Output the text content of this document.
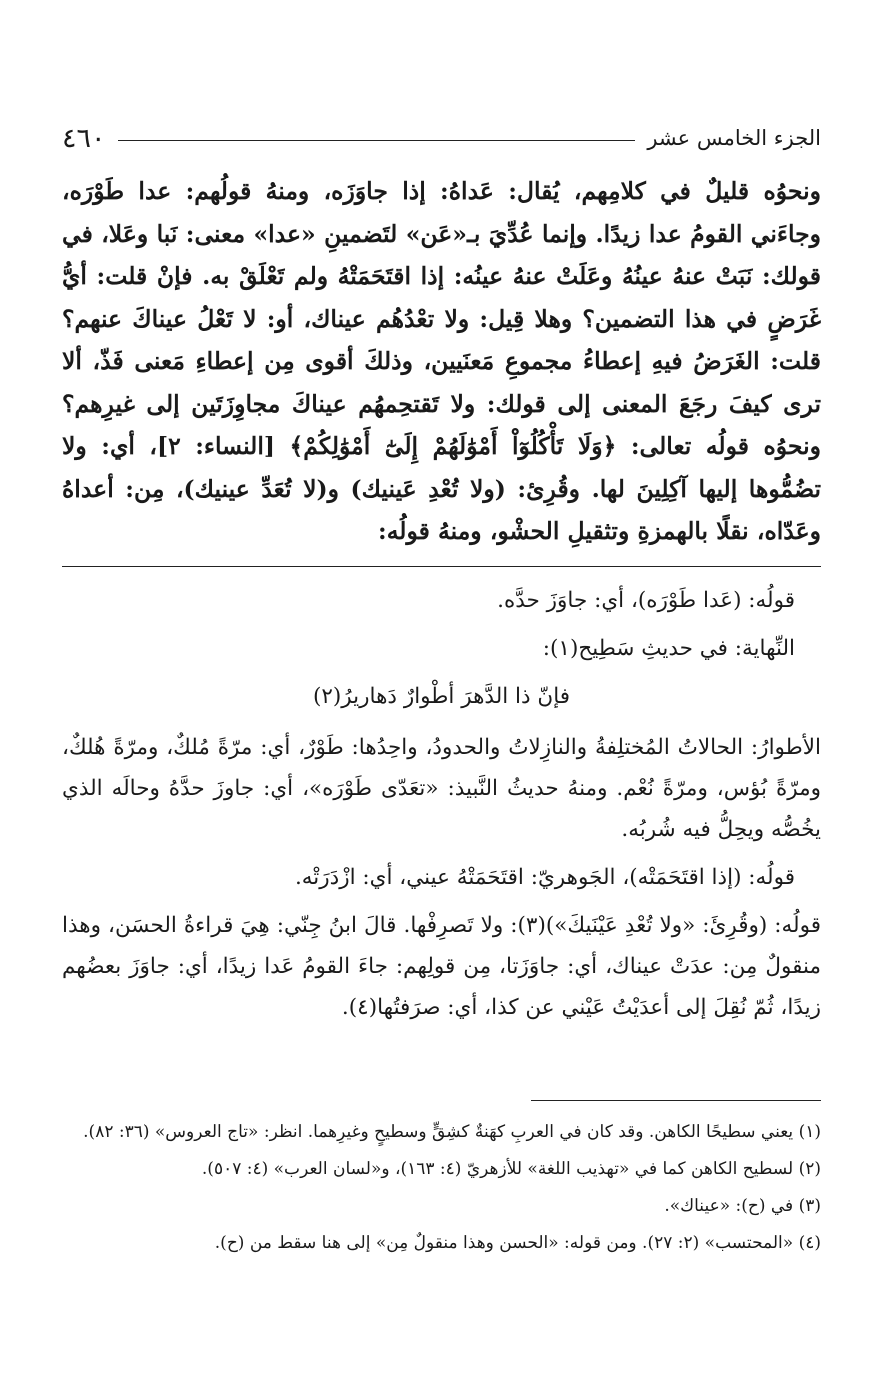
الجزء الخامس عشر
٤٦٠

ونحوُه قليلٌ في كلامِهم، يُقال: عَداهُ: إذا جاوَزَه، ومنهُ قولُهم: عدا طَوْرَه، وجاءَني القومُ عدا زيدًا. وإنما عُدِّيَ بـ«عَن» لتَضمينِ «عدا» معنى: نَبا وعَلا، في قولك: نَبَتْ عنهُ عينُهُ وعَلَتْ عنهُ عينُه: إذا اقتَحَمَتْهُ ولم تَعْلَقْ به. فإنْ قلت: أيُّ غَرَضٍ في هذا التضمين؟ وهلا قِيل: ولا تعْدُهُم عيناك، أو: لا تَعْلُ عيناكَ عنهم؟ قلت: الغَرَضُ فيهِ إعطاءُ مجموعِ مَعنَيين، وذلكَ أقوى مِن إعطاءِ مَعنى فَذّ، ألا ترى كيفَ رجَعَ المعنى إلى قولك: ولا تَقتحِمهُم عيناكَ مجاوِزَتَين إلى غيرِهم؟ ونحوُه قولُه تعالى: ﴿وَلَا تَأْكُلُوٓاْ أَمْوَٰلَهُمْ إِلَىٰٓ أَمْوَٰلِكُمْ﴾ [النساء: ٢]، أي: ولا تضُمُّوها إليها آكِلِينَ لها. وقُرِئ: (ولا تُعْدِ عَينيك) و(لا تُعَدِّ عينيك)، مِن: أعداهُ وعَدّاه، نقلًا بالهمزةِ وتثقيلِ الحشْو، ومنهُ قولُه:

قولُه: (عَدا طَوْرَه)، أي: جاوَزَ حدَّه.

النِّهاية: في حديثِ سَطِيح(١):

فإنّ ذا الدَّهرَ أطْوارٌ دَهاريرُ(٢)

الأطوارُ: الحالاتُ المُختلِفةُ والنازِلاتُ والحدودُ، واحِدُها: طَوْرٌ، أي: مرّةً مُلكٌ، ومرّةً هُلكٌ، ومرّةً بُؤس، ومرّةً نُعْم. ومنهُ حديثُ النَّبيذ: «تعَدّى طَوْرَه»، أي: جاوزَ حدَّهُ وحالَه الذي يخُصُّه ويحِلُّ فيه شُربُه.

قولُه: (إذا اقتَحَمَتْه)، الجَوهريّ: اقتَحَمَتْهُ عيني، أي: ازْدَرَتْه.

قولُه: (وقُرِئَ: «ولا تُعْدِ عَيْنَيكَ»)(٣): ولا تَصرِفْها. قالَ ابنُ جِنّي: هِيَ قراءةُ الحسَن، وهذا منقولٌ مِن: عدَتْ عيناك، أي: جاوَزَتا، مِن قولِهم: جاءَ القومُ عَدا زيدًا، أي: جاوَزَ بعضُهم زيدًا، ثُمّ نُقِلَ إلى أعدَيْتُ عَيْني عن كذا، أي: صرَفتُها(٤).

(١) يعني سطيحًا الكاهن. وقد كان في العربِ كهَنةٌ كشِقٍّ وسطيحٍ وغيرِهما. انظر: «تاج العروس» (٣٦: ٨٢).

(٢) لسطيح الكاهن كما في «تهذيب اللغة» للأزهريّ (٤: ١٦٣)، و«لسان العرب» (٤: ٥٠٧).

(٣) في (ح): «عيناك».

(٤) «المحتسب» (٢: ٢٧). ومن قوله: «الحسن وهذا منقولٌ مِن» إلى هنا سقط من (ح).
